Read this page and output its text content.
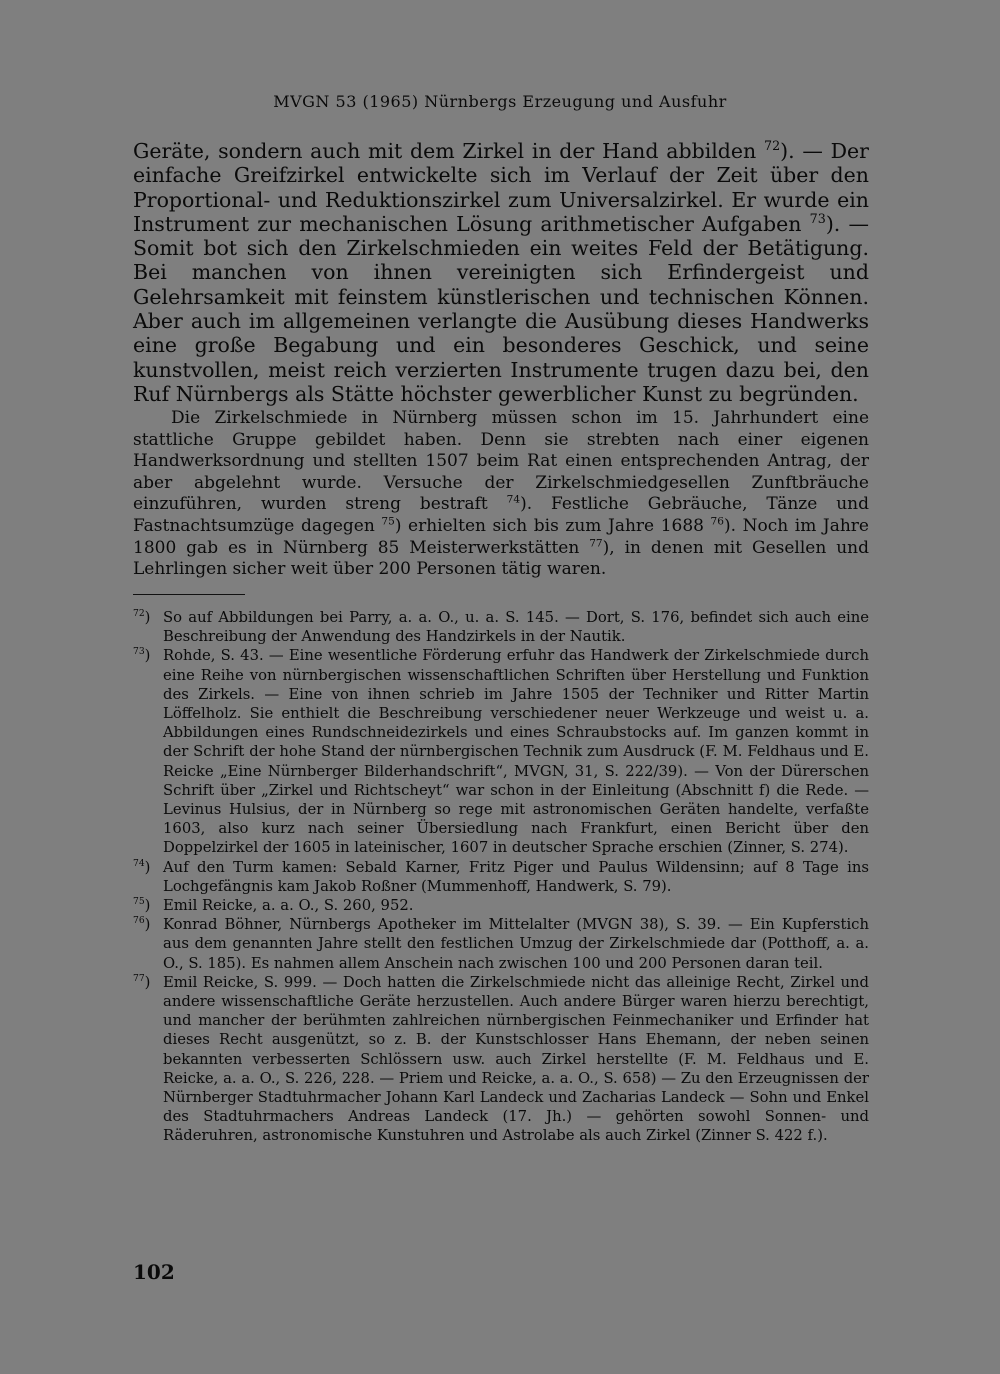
MVGN 53 (1965) Nürnbergs Erzeugung und Ausfuhr
Geräte, sondern auch mit dem Zirkel in der Hand abbilden $^{72}$). — Der einfache Greifzirkel entwickelte sich im Verlauf der Zeit über den Proportional- und Reduktionszirkel zum Universalzirkel. Er wurde ein Instrument zur mechanischen Lösung arithmetischer Aufgaben $^{73}$). — Somit bot sich den Zirkelschmieden ein weites Feld der Betätigung. Bei manchen von ihnen vereinigten sich Erfindergeist und Gelehrsamkeit mit feinstem künstlerischen und technischen Können. Aber auch im allgemeinen verlangte die Ausübung dieses Handwerks eine große Begabung und ein besonderes Geschick, und seine kunstvollen, meist reich verzierten Instrumente trugen dazu bei, den Ruf Nürnbergs als Stätte höchster gewerblicher Kunst zu begründen.
Die Zirkelschmiede in Nürnberg müssen schon im 15. Jahrhundert eine stattliche Gruppe gebildet haben. Denn sie strebten nach einer eigenen Handwerksordnung und stellten 1507 beim Rat einen entsprechenden Antrag, der aber abgelehnt wurde. Versuche der Zirkelschmiedgesellen Zunftbräuche einzuführen, wurden streng bestraft $^{74}$). Festliche Gebräuche, Tänze und Fastnachtsumzüge dagegen $^{75}$) erhielten sich bis zum Jahre 1688 $^{76}$). Noch im Jahre 1800 gab es in Nürnberg 85 Meisterwerkstätten $^{77}$), in denen mit Gesellen und Lehrlingen sicher weit über 200 Personen tätig waren.
$^{72}$) So auf Abbildungen bei Parry, a. a. O., u. a. S. 145. — Dort, S. 176, befindet sich auch eine Beschreibung der Anwendung des Handzirkels in der Nautik.
$^{73}$) Rohde, S. 43. — Eine wesentliche Förderung erfuhr das Handwerk der Zirkelschmiede durch eine Reihe von nürnbergischen wissenschaftlichen Schriften über Herstellung und Funktion des Zirkels. — Eine von ihnen schrieb im Jahre 1505 der Techniker und Ritter Martin Löffelholz. Sie enthielt die Beschreibung verschiedener neuer Werkzeuge und weist u. a. Abbildungen eines Rundschneidezirkels und eines Schraubstocks auf. Im ganzen kommt in der Schrift der hohe Stand der nürnbergischen Technik zum Ausdruck (F. M. Feldhaus und E. Reicke „Eine Nürnberger Bilderhandschrift“, MVGN, 31, S. 222/39). — Von der Dürerschen Schrift über „Zirkel und Richtscheyt“ war schon in der Einleitung (Abschnitt f) die Rede. — Levinus Hulsius, der in Nürnberg so rege mit astronomischen Geräten handelte, verfaßte 1603, also kurz nach seiner Übersiedlung nach Frankfurt, einen Bericht über den Doppelzirkel der 1605 in lateinischer, 1607 in deutscher Sprache erschien (Zinner, S. 274).
$^{74}$) Auf den Turm kamen: Sebald Karner, Fritz Piger und Paulus Wildensinn; auf 8 Tage ins Lochgefängnis kam Jakob Roßner (Mummenhoff, Handwerk, S. 79).
$^{75}$) Emil Reicke, a. a. O., S. 260, 952.
$^{76}$) Konrad Böhner, Nürnbergs Apotheker im Mittelalter (MVGN 38), S. 39. — Ein Kupferstich aus dem genannten Jahre stellt den festlichen Umzug der Zirkelschmiede dar (Potthoff, a. a. O., S. 185). Es nahmen allem Anschein nach zwischen 100 und 200 Personen daran teil.
$^{77}$) Emil Reicke, S. 999. — Doch hatten die Zirkelschmiede nicht das alleinige Recht, Zirkel und andere wissenschaftliche Geräte herzustellen. Auch andere Bürger waren hierzu berechtigt, und mancher der berühmten zahlreichen nürnbergischen Feinmechaniker und Erfinder hat dieses Recht ausgenützt, so z. B. der Kunstschlosser Hans Ehemann, der neben seinen bekannten verbesserten Schlössern usw. auch Zirkel herstellte (F. M. Feldhaus und E. Reicke, a. a. O., S. 226, 228. — Priem und Reicke, a. a. O., S. 658) — Zu den Erzeugnissen der Nürnberger Stadtuhrmacher Johann Karl Landeck und Zacharias Landeck — Sohn und Enkel des Stadtuhrmachers Andreas Landeck (17. Jh.) — gehörten sowohl Sonnen- und Räderuhren, astronomische Kunstuhren und Astrolabe als auch Zirkel (Zinner S. 422 f.).
102
